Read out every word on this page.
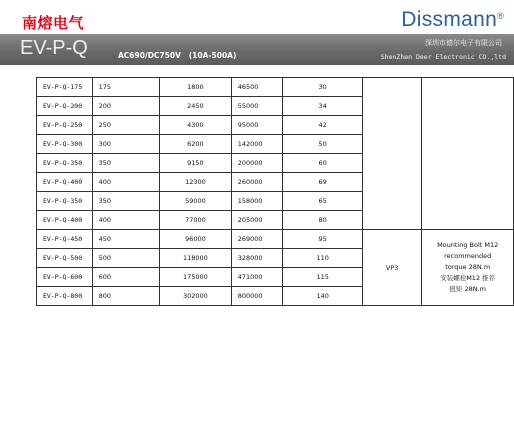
南熔电气	Dissmann®
EV-P-Q	AC690/DC750V   (10A-500A)
深圳市德尔电子有限公司
ShenZhen Deer Electronic CO.,ltd
EV-P-Q-175	175	1800	46500	30		
EV-P-Q-200	200	2450	55000	34		
EV-P-Q-250	250	4300	95000	42		
EV-P-Q-300	300	6200	142000	50		
EV-P-Q-350	350	9150	200000	60		
EV-P-Q-400	400	12300	260000	69		
EV-P-Q-350	350	59000	158000	65		
EV-P-Q-400	400	77000	205000	80		
EV-P-Q-450	450	96000	269000	95	VP3	Mounting Bolt M12
recommended
torque 28N.m
安装螺栓M12 推荐
扭矩 28N.m

EV-P-Q-500	500	118000	328000	110		
EV-P-Q-600	600	175000	471000	115		
EV-P-Q-800	800	302000	800000	140		
